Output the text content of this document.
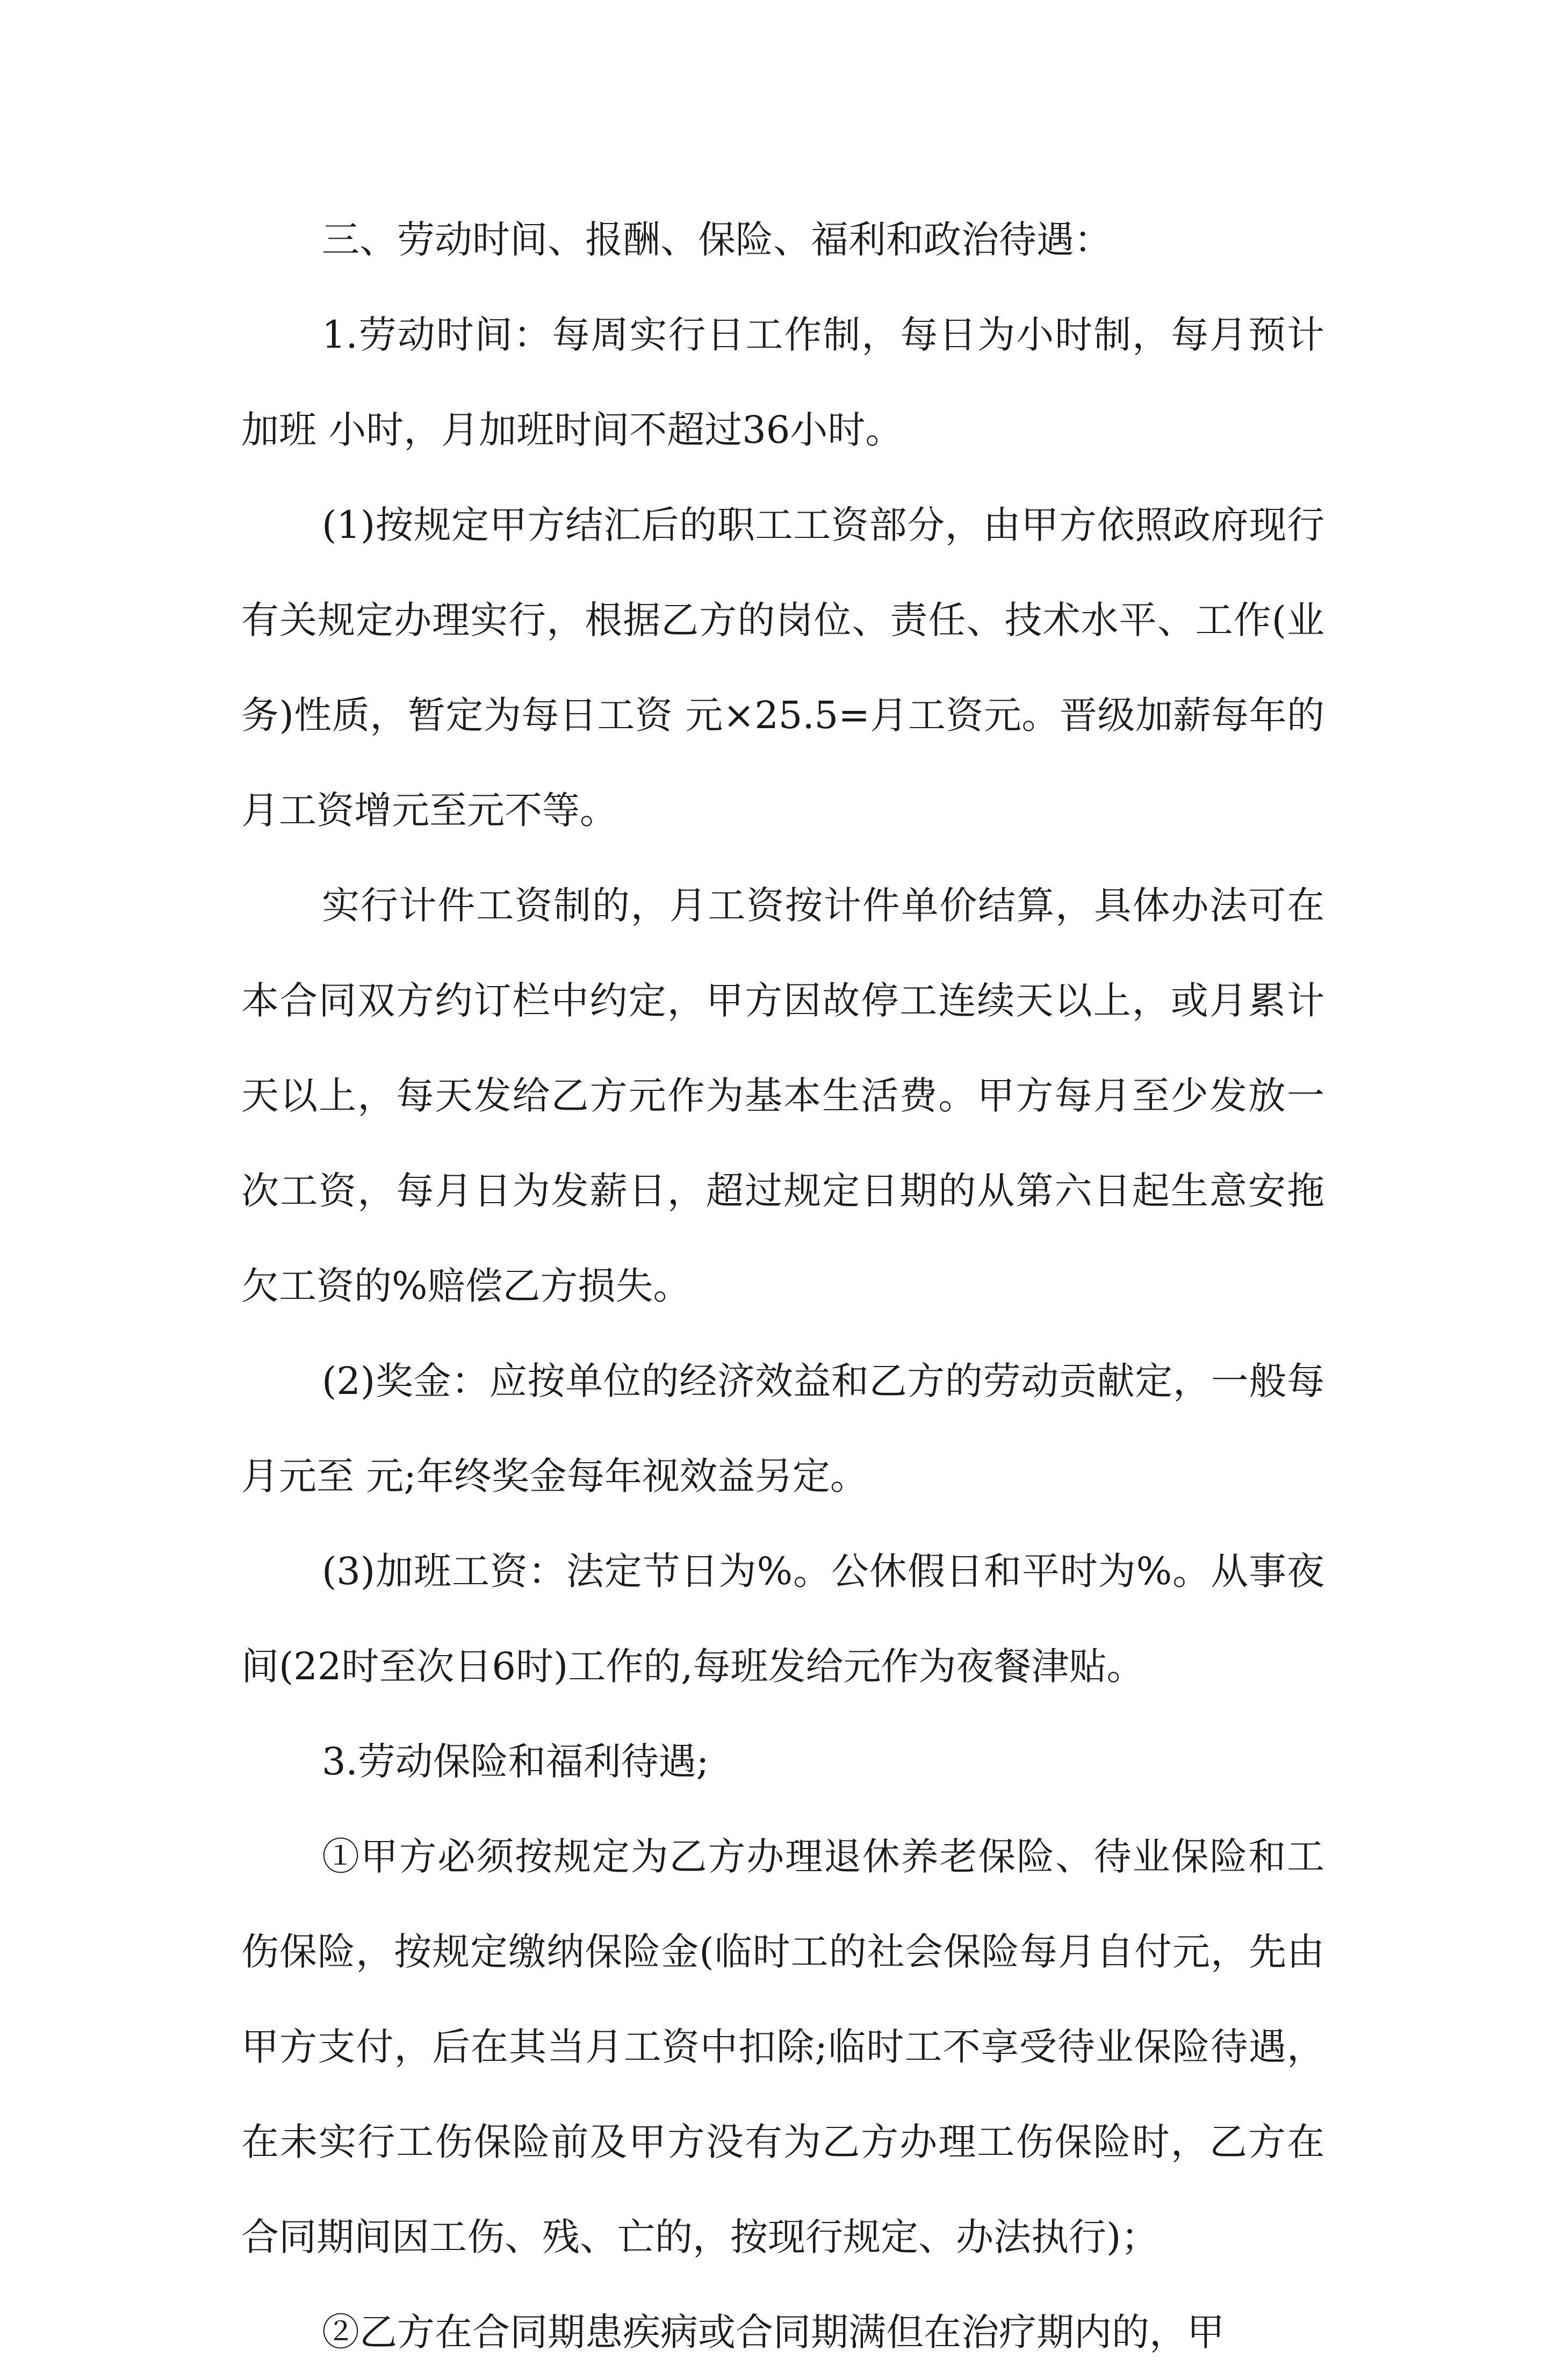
三、劳动时间、报酬、保险、福利和政治待遇：

1.劳动时间：每周实行日工作制，每日为小时制，每月预计加班 小时，月加班时间不超过36小时。

(1)按规定甲方结汇后的职工工资部分，由甲方依照政府现行有关规定办理实行，根据乙方的岗位、责任、技术水平、工作(业务)性质，暂定为每日工资 元×25.5=月工资元。晋级加薪每年的月工资增元至元不等。

实行计件工资制的，月工资按计件单价结算，具体办法可在本合同双方约订栏中约定，甲方因故停工连续天以上，或月累计天以上，每天发给乙方元作为基本生活费。甲方每月至少发放一次工资，每月日为发薪日，超过规定日期的从第六日起生意安拖欠工资的%赔偿乙方损失。

(2)奖金：应按单位的经济效益和乙方的劳动贡献定，一般每月元至 元;年终奖金每年视效益另定。

(3)加班工资：法定节日为%。公休假日和平时为%。从事夜间(22时至次日6时)工作的,每班发给元作为夜餐津贴。

3.劳动保险和福利待遇;

①甲方必须按规定为乙方办理退休养老保险、待业保险和工伤保险，按规定缴纳保险金(临时工的社会保险每月自付元，先由甲方支付，后在其当月工资中扣除;临时工不享受待业保险待遇，在未实行工伤保险前及甲方没有为乙方办理工伤保险时，乙方在合同期间因工伤、残、亡的，按现行规定、办法执行)；

②乙方在合同期患疾病或合同期满但在治疗期内的，甲
